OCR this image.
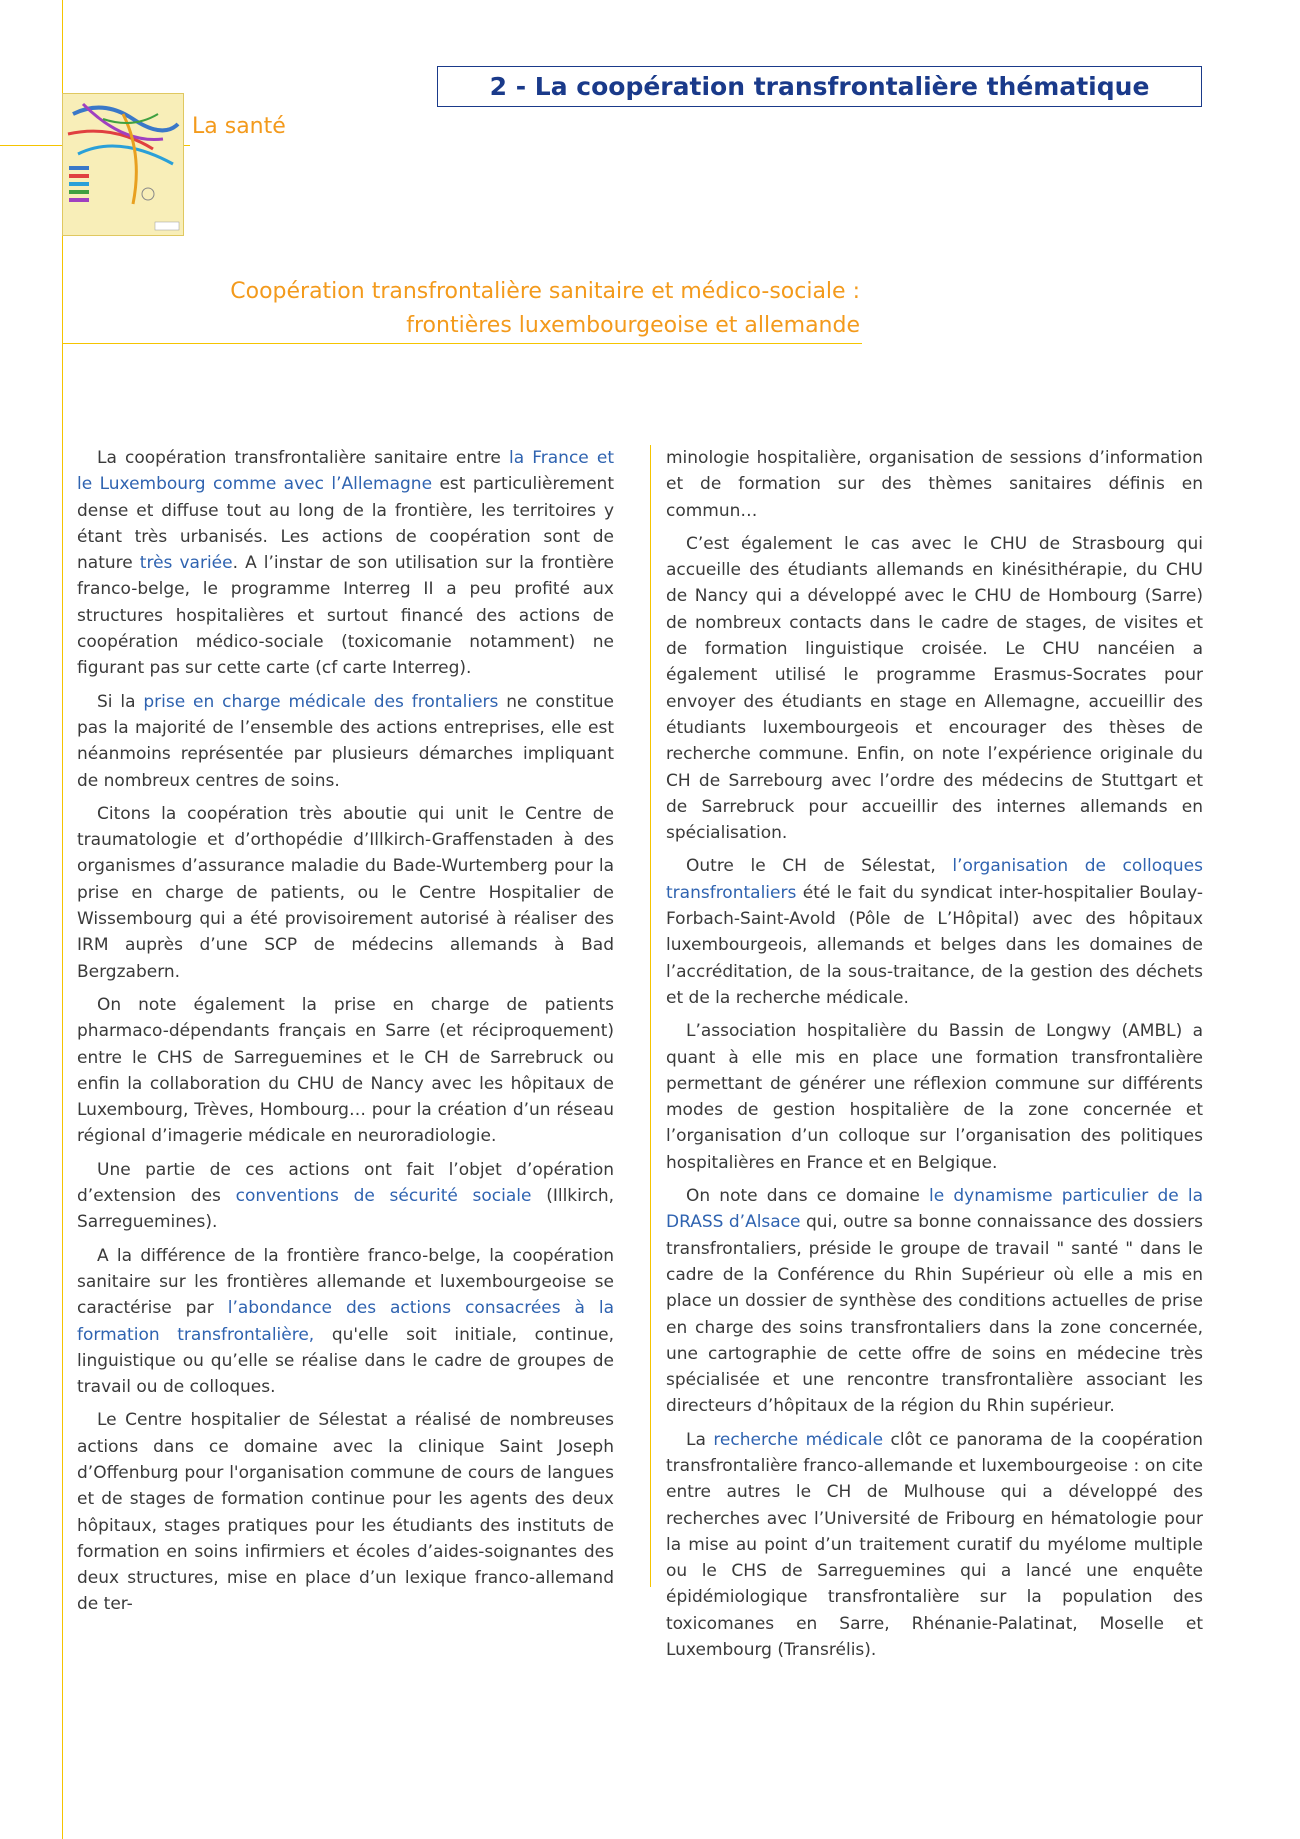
La santé
2 - La coopération transfrontalière thématique
Coopération transfrontalière sanitaire et médico-sociale :
frontières luxembourgeoise et allemande

La coopération transfrontalière sanitaire entre la France et le Luxembourg comme avec l’Allemagne est particulièrement dense et diffuse tout au long de la frontière, les territoires y étant très urbanisés. Les actions de coopération sont de nature très variée. A l’instar de son utilisation sur la frontière franco-belge, le programme Interreg II a peu profité aux structures hospitalières et surtout financé des actions de coopération médico-sociale (toxicomanie notamment) ne figurant pas sur cette carte (cf carte Interreg).

Si la prise en charge médicale des frontaliers ne constitue pas la majorité de l’ensemble des actions entreprises, elle est néanmoins représentée par plusieurs démarches impliquant de nombreux centres de soins.

Citons la coopération très aboutie qui unit le Centre de traumatologie et d’orthopédie d’Illkirch-Graffenstaden à des organismes d’assurance maladie du Bade-Wurtemberg pour la prise en charge de patients, ou le Centre Hospitalier de Wissembourg qui a été provisoirement autorisé à réaliser des IRM auprès d’une SCP de médecins allemands à Bad Bergzabern.

On note également la prise en charge de patients pharmaco-dépendants français en Sarre (et réciproquement) entre le CHS de Sarreguemines et le CH de Sarrebruck ou enfin la collaboration du CHU de Nancy avec les hôpitaux de Luxembourg, Trèves, Hombourg… pour la création d’un réseau régional d’imagerie médicale en neuroradiologie.

Une partie de ces actions ont fait l’objet d’opération d’extension des conventions de sécurité sociale (Illkirch, Sarreguemines).

A la différence de la frontière franco-belge, la coopération sanitaire sur les frontières allemande et luxembourgeoise se caractérise par l’abondance des actions consacrées à la formation transfrontalière, qu'elle soit initiale, continue, linguistique ou qu’elle se réalise dans le cadre de groupes de travail ou de colloques.

Le Centre hospitalier de Sélestat a réalisé de nombreuses actions dans ce domaine avec la clinique Saint Joseph d’Offenburg pour l'organisation commune de cours de langues et de stages de formation continue pour les agents des deux hôpitaux, stages pratiques pour les étudiants des instituts de formation en soins infirmiers et écoles d’aides-soignantes des deux structures, mise en place d’un lexique franco-allemand de ter-

minologie hospitalière, organisation de sessions d’information et de formation sur des thèmes sanitaires définis en commun…

C’est également le cas avec le CHU de Strasbourg qui accueille des étudiants allemands en kinésithérapie, du CHU de Nancy qui a développé avec le CHU de Hombourg (Sarre) de nombreux contacts dans le cadre de stages, de visites et de formation linguistique croisée. Le CHU nancéien a également utilisé le programme Erasmus-Socrates pour envoyer des étudiants en stage en Allemagne, accueillir des étudiants luxembourgeois et encourager des thèses de recherche commune. Enfin, on note l’expérience originale du CH de Sarrebourg avec l’ordre des médecins de Stuttgart et de Sarrebruck pour accueillir des internes allemands en spécialisation.

Outre le CH de Sélestat, l’organisation de colloques transfrontaliers été le fait du syndicat inter-hospitalier Boulay-Forbach-Saint-Avold (Pôle de L’Hôpital) avec des hôpitaux luxembourgeois, allemands et belges dans les domaines de l’accréditation, de la sous-traitance, de la gestion des déchets et de la recherche médicale.

L’association hospitalière du Bassin de Longwy (AMBL) a quant à elle mis en place une formation transfrontalière permettant de générer une réflexion commune sur différents modes de gestion hospitalière de la zone concernée et l’organisation d’un colloque sur l’organisation des politiques hospitalières en France et en Belgique.

On note dans ce domaine le dynamisme particulier de la DRASS d’Alsace qui, outre sa bonne connaissance des dossiers transfrontaliers, préside le groupe de travail " santé " dans le cadre de la Conférence du Rhin Supérieur où elle a mis en place un dossier de synthèse des conditions actuelles de prise en charge des soins transfrontaliers dans la zone concernée, une cartographie de cette offre de soins en médecine très spécialisée et une rencontre transfrontalière associant les directeurs d’hôpitaux de la région du Rhin supérieur.

La recherche médicale clôt ce panorama de la coopération transfrontalière franco-allemande et luxembourgeoise : on cite entre autres le CH de Mulhouse qui a développé des recherches avec l’Université de Fribourg en hématologie pour la mise au point d’un traitement curatif du myélome multiple ou le CHS de Sarreguemines qui a lancé une enquête épidémiologique transfrontalière sur la population des toxicomanes en Sarre, Rhénanie-Palatinat, Moselle et Luxembourg (Transrélis).
